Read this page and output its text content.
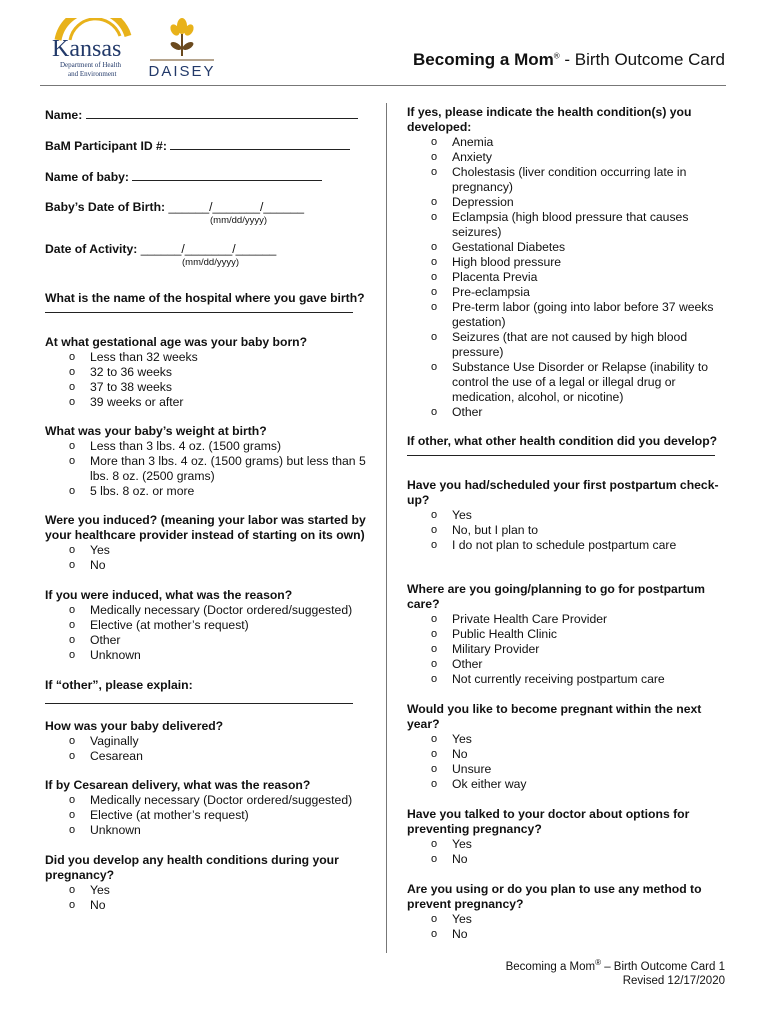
Kansas
Department of Health
and Environment DAISEY
Becoming a Mom® - Birth Outcome Card
Name:
BaM Participant ID #:
Name of baby:
Baby’s Date of Birth: ______/_______/______
(mm/dd/yyyy)
Date of Activity: ______/_______/______
(mm/dd/yyyy)
What is the name of the hospital where you gave birth?
At what gestational age was your baby born?
o Less than 32 weeks
o 32 to 36 weeks
o 37 to 38 weeks
o 39 weeks or after
What was your baby’s weight at birth?
o Less than 3 lbs. 4 oz. (1500 grams)
o More than 3 lbs. 4 oz. (1500 grams) but less than 5 lbs. 8 oz. (2500 grams)
o 5 lbs. 8 oz. or more
Were you induced? (meaning your labor was started by your healthcare provider instead of starting on its own)
o Yes
o No
If you were induced, what was the reason?
o Medically necessary (Doctor ordered/suggested)
o Elective (at mother’s request)
o Other
o Unknown
If “other”, please explain:
How was your baby delivered?
o Vaginally
o Cesarean
If by Cesarean delivery, what was the reason?
o Medically necessary (Doctor ordered/suggested)
o Elective (at mother’s request)
o Unknown
Did you develop any health conditions during your pregnancy?
o Yes
o No
If yes, please indicate the health condition(s) you developed:
o Anemia
o Anxiety
o Cholestasis (liver condition occurring late in pregnancy)
o Depression
o Eclampsia (high blood pressure that causes seizures)
o Gestational Diabetes
o High blood pressure
o Placenta Previa
o Pre-eclampsia
o Pre-term labor (going into labor before 37 weeks gestation)
o Seizures (that are not caused by high blood pressure)
o Substance Use Disorder or Relapse (inability to control the use of a legal or illegal drug or medication, alcohol, or nicotine)
o Other
If other, what other health condition did you develop?
Have you had/scheduled your first postpartum check-up?
o Yes
o No, but I plan to
o I do not plan to schedule postpartum care
Where are you going/planning to go for postpartum care?
o Private Health Care Provider
o Public Health Clinic
o Military Provider
o Other
o Not currently receiving postpartum care
Would you like to become pregnant within the next year?
o Yes
o No
o Unsure
o Ok either way
Have you talked to your doctor about options for preventing pregnancy?
o Yes
o No
Are you using or do you plan to use any method to prevent pregnancy?
o Yes
o No
Becoming a Mom® – Birth Outcome Card 1
Revised 12/17/2020
